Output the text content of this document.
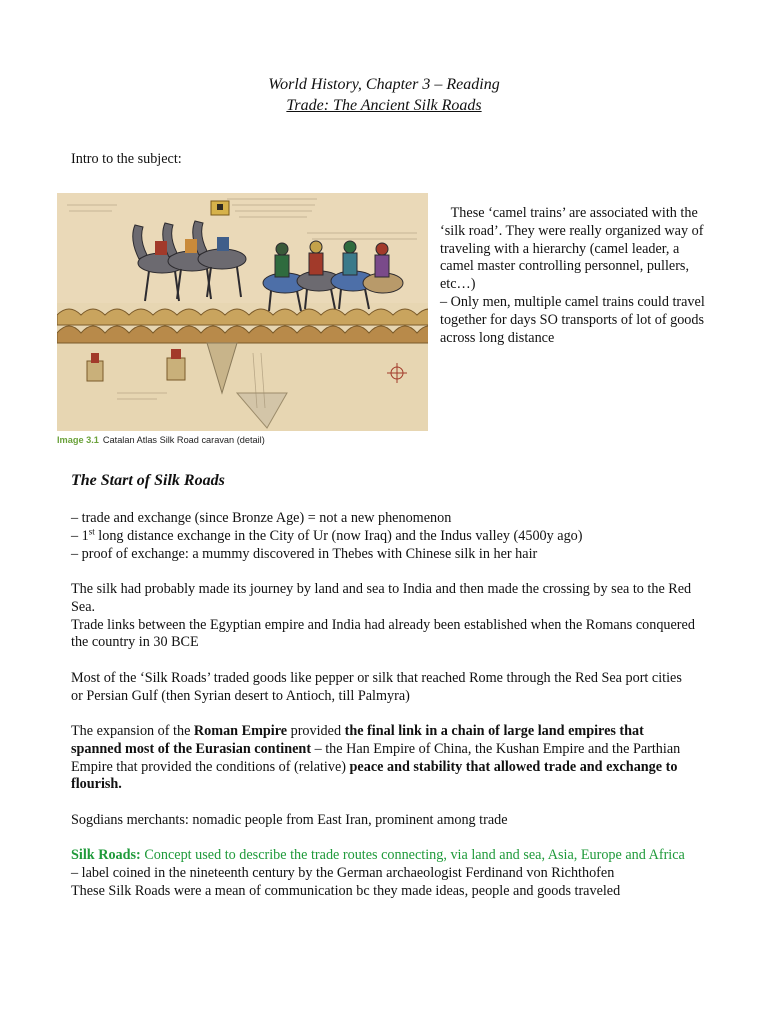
World History, Chapter 3 – Reading
Trade: The Ancient Silk Roads
Intro to the subject:
Image 3.1 Catalan Atlas Silk Road caravan (detail)

These ‘camel trains’ are associated with the ‘silk road’. They were really organized way of traveling with a hierarchy (camel leader, a camel master controlling personnel, pullers, etc…)

– Only men, multiple camel trains could travel together for days SO transports of lot of goods across long distance

The Start of Silk Roads

– trade and exchange (since Bronze Age) = not a new phenomenon

– 1st long distance exchange in the City of Ur (now Iraq) and the Indus valley (4500y ago)

– proof of exchange: a mummy discovered in Thebes with Chinese silk in her hair

The silk had probably made its journey by land and sea to India and then made the crossing by sea to the Red Sea.

Trade links between the Egyptian empire and India had already been established when the Romans conquered the country in 30 BCE

Most of the ‘Silk Roads’ traded goods like pepper or silk that reached Rome through the Red Sea port cities or Persian Gulf (then Syrian desert to Antioch, till Palmyra)

The expansion of the Roman Empire provided the final link in a chain of large land empires that spanned most of the Eurasian continent – the Han Empire of China, the Kushan Empire and the Parthian Empire that provided the conditions of (relative) peace and stability that allowed trade and exchange to flourish.

Sogdians merchants: nomadic people from East Iran, prominent among trade

Silk Roads: Concept used to describe the trade routes connecting, via land and sea, Asia, Europe and Africa

– label coined in the nineteenth century by the German archaeologist Ferdinand von Richthofen

These Silk Roads were a mean of communication bc they made ideas, people and goods traveled
